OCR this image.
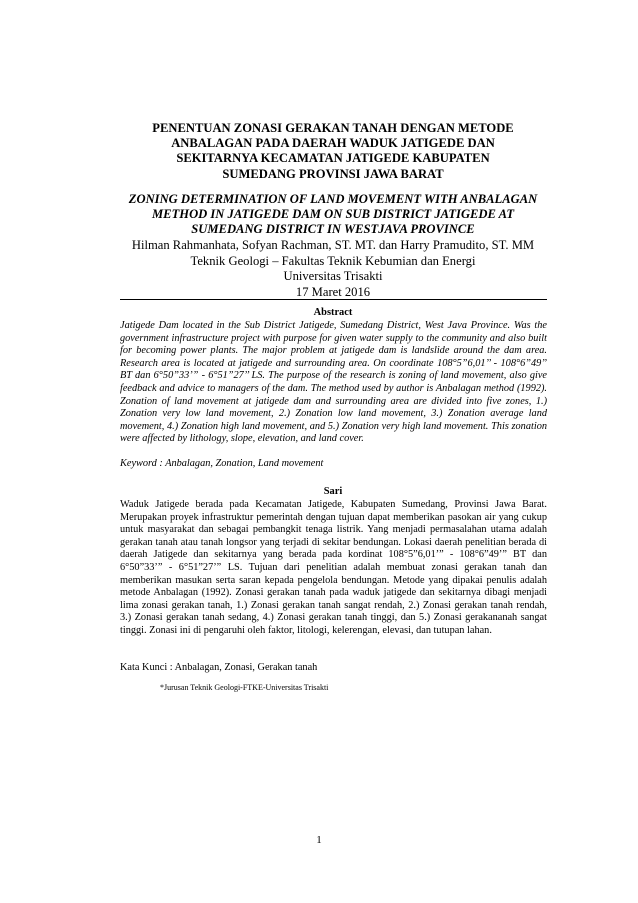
PENENTUAN ZONASI GERAKAN TANAH DENGAN METODE
ANBALAGAN PADA DAERAH WADUK JATIGEDE DAN
SEKITARNYA KECAMATAN JATIGEDE KABUPATEN
SUMEDANG PROVINSI JAWA BARAT
ZONING DETERMINATION OF LAND MOVEMENT WITH ANBALAGAN
METHOD IN JATIGEDE DAM ON SUB DISTRICT JATIGEDE AT
SUMEDANG DISTRICT IN WESTJAVA PROVINCE
Hilman Rahmanhata, Sofyan Rachman, ST. MT. dan Harry Pramudito, ST. MM
Teknik Geologi – Fakultas Teknik Kebumian dan Energi
Universitas Trisakti
17 Maret 2016
Abstract
Jatigede Dam located in the Sub District Jatigede, Sumedang District, West Java Province. Was the government infrastructure project with purpose for given water supply to the community and also built for becoming power plants. The major problem at jatigede dam is landslide around the dam area. Research area is located at jatigede and surrounding area. On coordinate 108°5”6,01’’ - 108°6”49’’ BT dan 6°50”33’” - 6°51”27’’ LS. The purpose of the research is zoning of land movement, also give feedback and advice to managers of the dam. The method used by author is Anbalagan method (1992). Zonation of land movement at jatigede dam and surrounding area are divided into five zones, 1.) Zonation very low land movement, 2.) Zonation low land movement, 3.) Zonation average land movement, 4.) Zonation high land movement, and 5.) Zonation very high land movement. This zonation were affected by lithology, slope, elevation, and land cover.
Keyword : Anbalagan, Zonation, Land movement
Sari
Waduk Jatigede berada pada Kecamatan Jatigede, Kabupaten Sumedang, Provinsi Jawa Barat. Merupakan proyek infrastruktur pemerintah dengan tujuan dapat memberikan pasokan air yang cukup untuk masyarakat dan sebagai pembangkit tenaga listrik. Yang menjadi permasalahan utama adalah gerakan tanah atau tanah longsor yang terjadi di sekitar bendungan. Lokasi daerah penelitian berada di daerah Jatigede dan sekitarnya yang berada pada kordinat 108°5”6,01’” - 108°6”49’” BT dan 6°50”33’” - 6°51”27’” LS. Tujuan dari penelitian adalah membuat zonasi gerakan tanah dan memberikan masukan serta saran kepada pengelola bendungan. Metode yang dipakai penulis adalah metode Anbalagan (1992). Zonasi gerakan tanah pada waduk jatigede dan sekitarnya dibagi menjadi lima zonasi gerakan tanah, 1.) Zonasi gerakan tanah sangat rendah, 2.) Zonasi gerakan tanah rendah, 3.) Zonasi gerakan tanah sedang, 4.) Zonasi gerakan tanah tinggi, dan 5.) Zonasi gerakananah sangat tinggi. Zonasi ini di pengaruhi oleh faktor, litologi, kelerengan, elevasi, dan tutupan lahan.
Kata Kunci : Anbalagan, Zonasi, Gerakan tanah
*Jurusan Teknik Geologi-FTKE-Universitas Trisakti
1
